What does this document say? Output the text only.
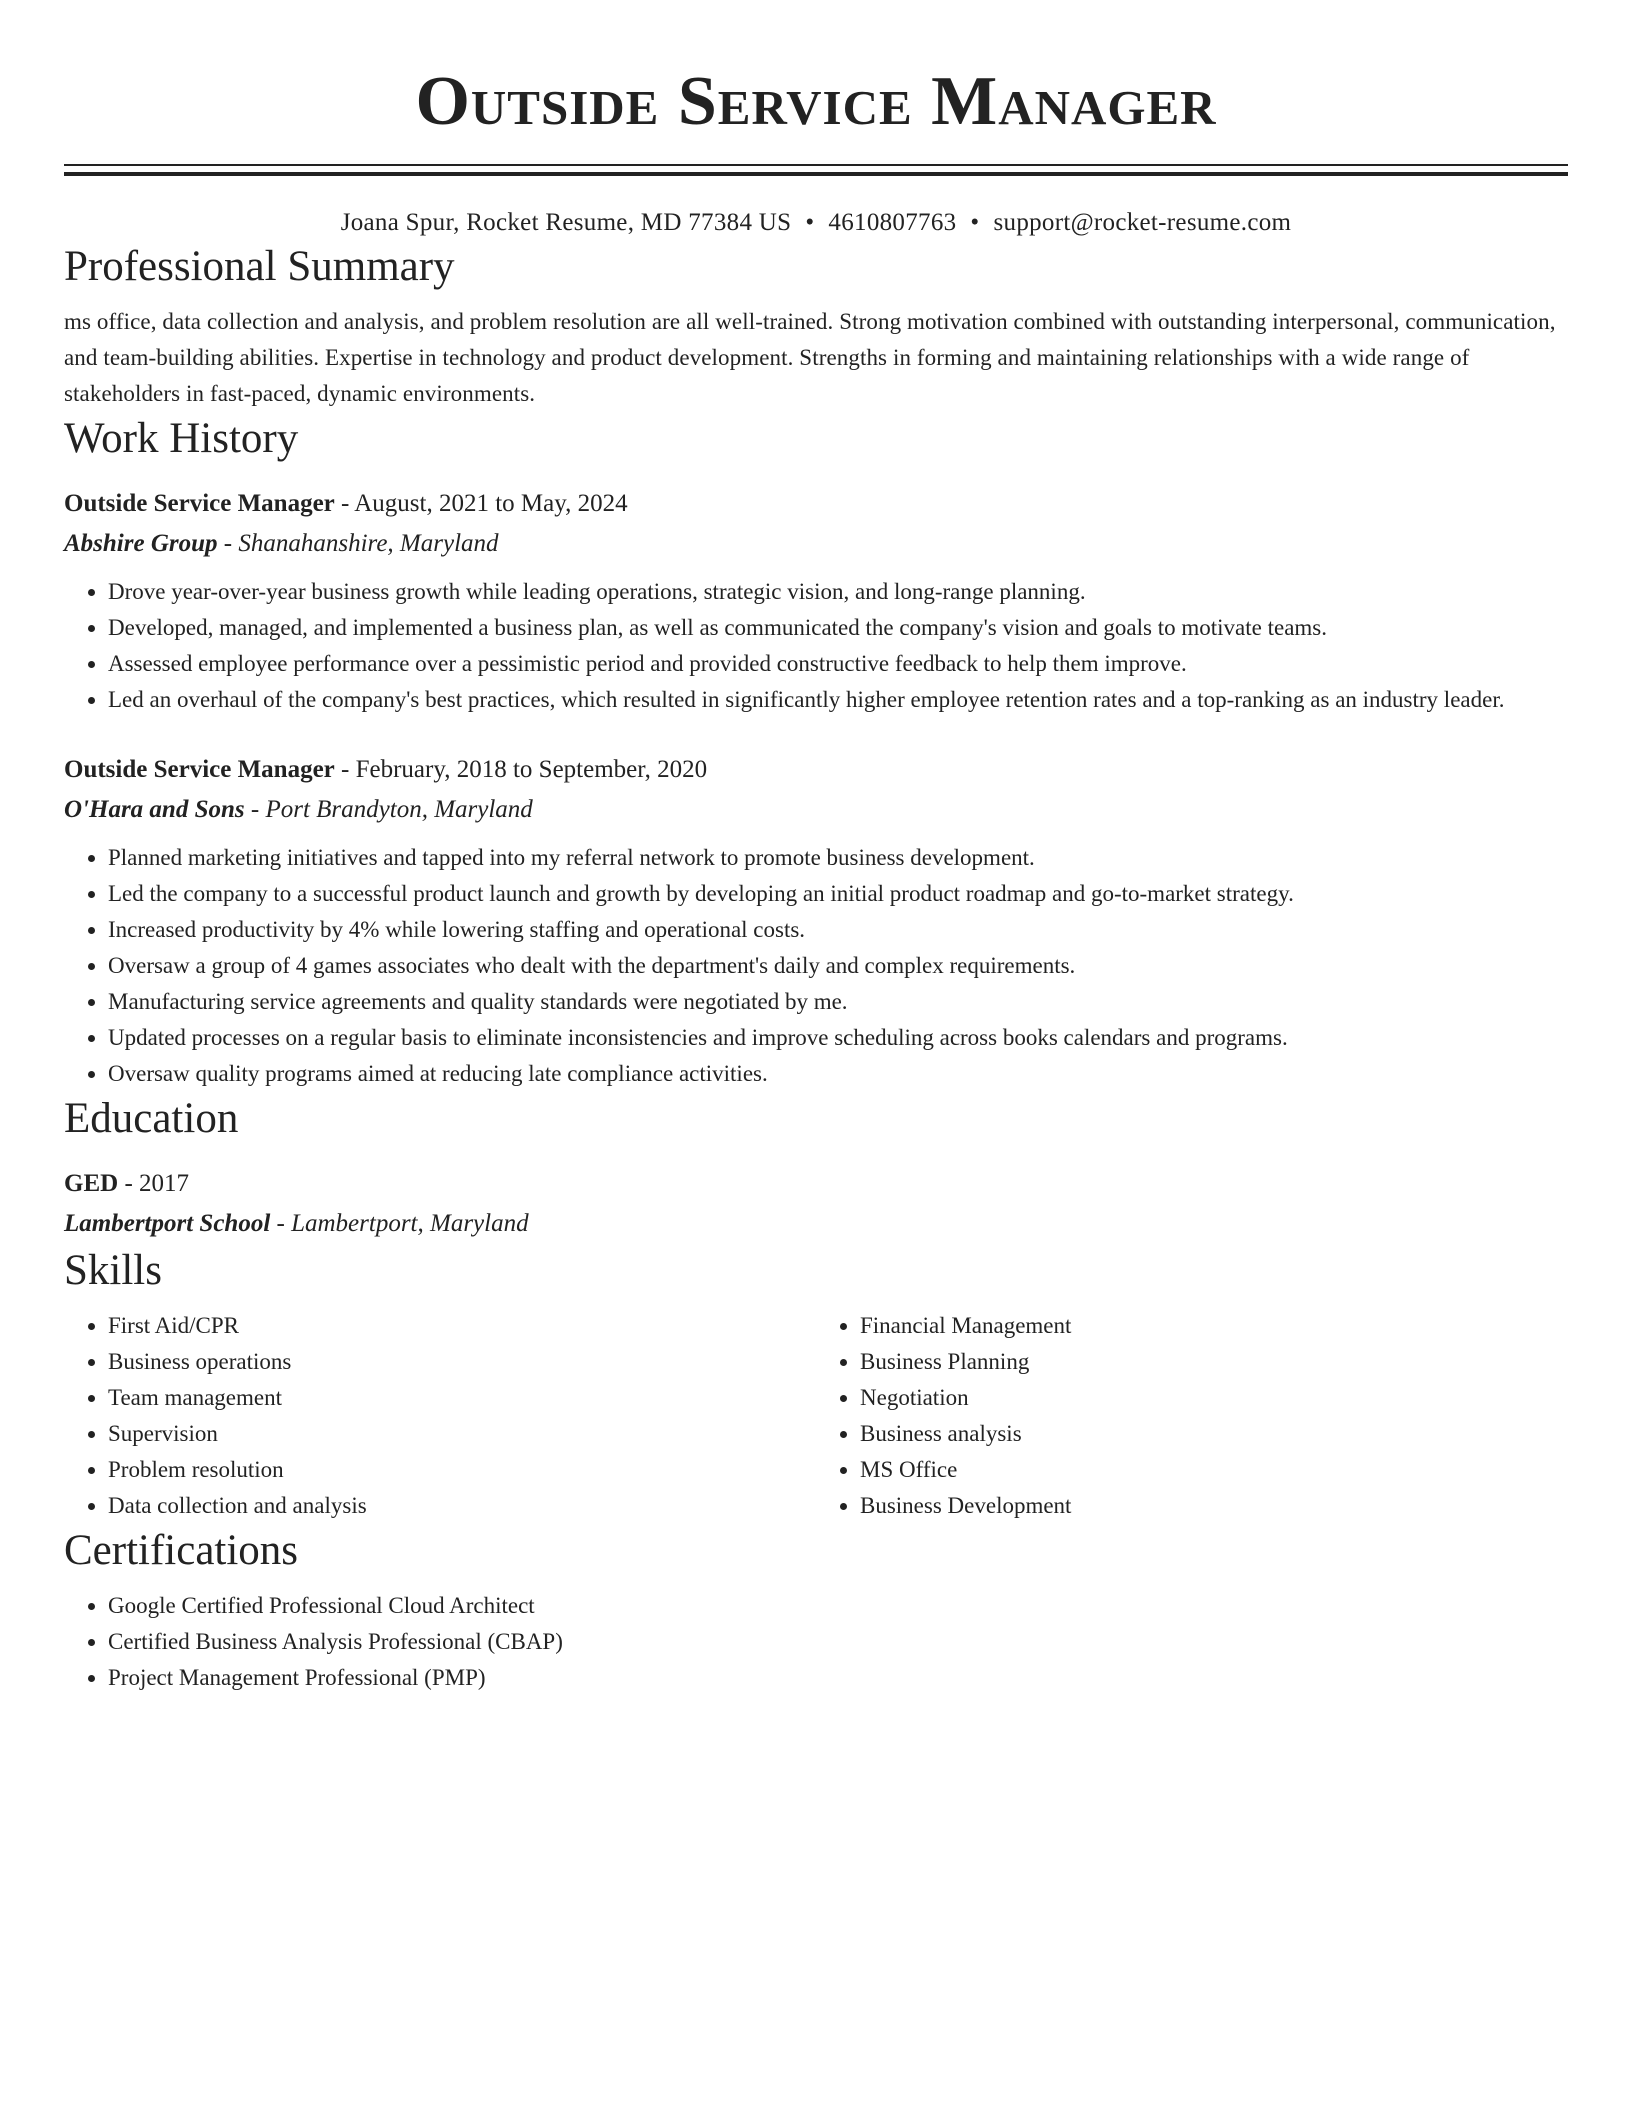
Outside Service Manager
Joana Spur, Rocket Resume, MD 77384 US • 4610807763 • support@rocket-resume.com
Professional Summary

ms office, data collection and analysis, and problem resolution are all well-trained. Strong motivation combined with outstanding interpersonal, communication, and team-building abilities. Expertise in technology and product development. Strengths in forming and maintaining relationships with a wide range of stakeholders in fast-paced, dynamic environments.

Work History
Outside Service Manager - August, 2021 to May, 2024
Abshire Group - Shanahanshire, Maryland
• Drove year-over-year business growth while leading operations, strategic vision, and long-range planning.
• Developed, managed, and implemented a business plan, as well as communicated the company's vision and goals to motivate teams.
• Assessed employee performance over a pessimistic period and provided constructive feedback to help them improve.
• Led an overhaul of the company's best practices, which resulted in significantly higher employee retention rates and a top-ranking as an industry leader.
Outside Service Manager - February, 2018 to September, 2020
O'Hara and Sons - Port Brandyton, Maryland
• Planned marketing initiatives and tapped into my referral network to promote business development.
• Led the company to a successful product launch and growth by developing an initial product roadmap and go-to-market strategy.
• Increased productivity by 4% while lowering staffing and operational costs.
• Oversaw a group of 4 games associates who dealt with the department's daily and complex requirements.
• Manufacturing service agreements and quality standards were negotiated by me.
• Updated processes on a regular basis to eliminate inconsistencies and improve scheduling across books calendars and programs.
• Oversaw quality programs aimed at reducing late compliance activities.
Education
GED - 2017
Lambertport School - Lambertport, Maryland
Skills
• First Aid/CPR
• Business operations
• Team management
• Supervision
• Problem resolution
• Data collection and analysis
• Financial Management
• Business Planning
• Negotiation
• Business analysis
• MS Office
• Business Development
Certifications
• Google Certified Professional Cloud Architect
• Certified Business Analysis Professional (CBAP)
• Project Management Professional (PMP)
